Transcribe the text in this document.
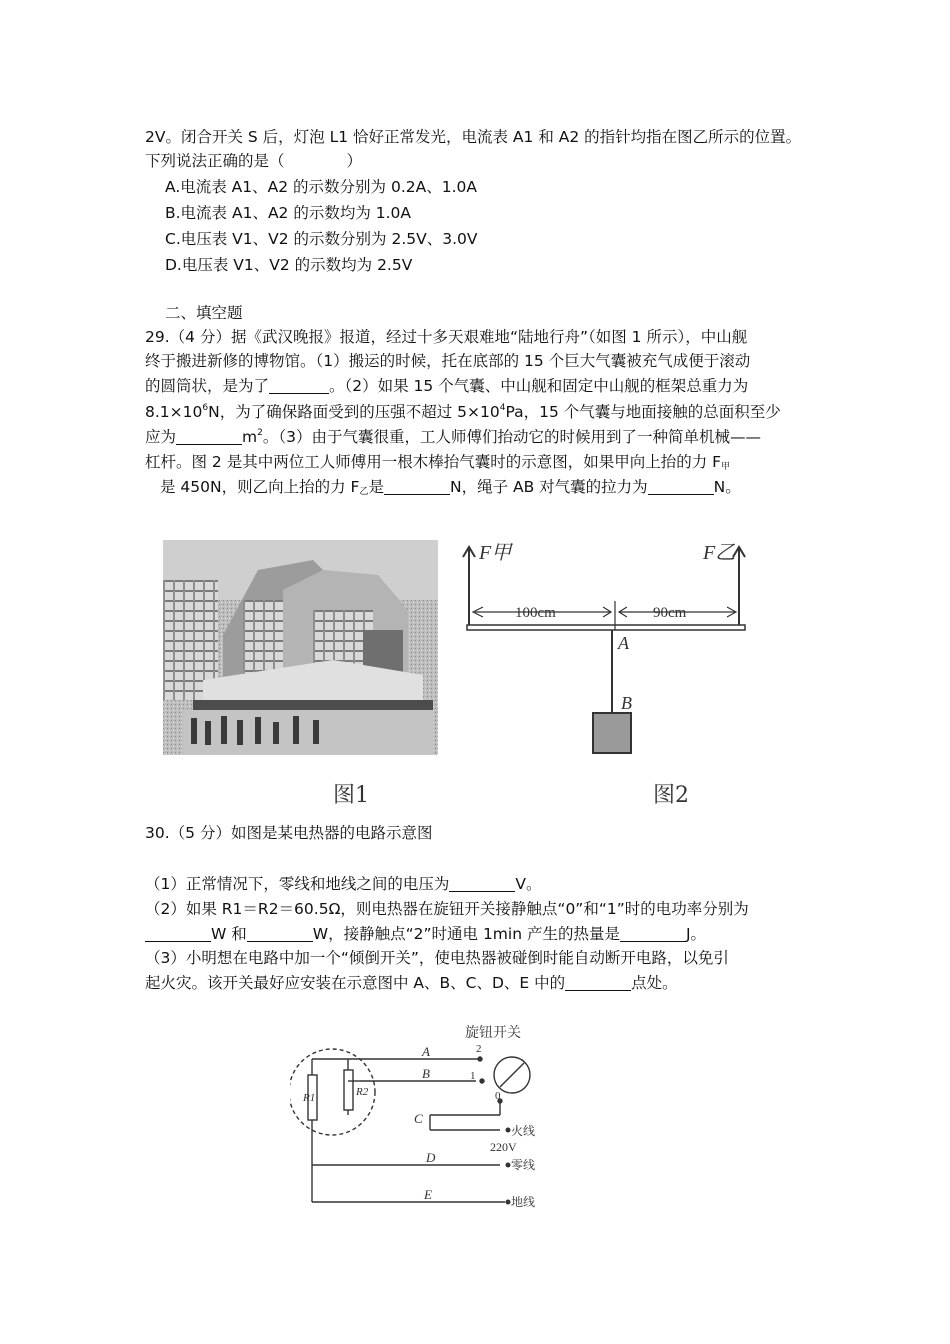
2V。闭合开关 S 后，灯泡 L1 恰好正常发光，电流表 A1 和 A2 的指针均指在图乙所示的位置。
下列说法正确的是（　　　　）
A.电流表 A1、A2 的示数分别为 0.2A、1.0A
B.电流表 A1、A2 的示数均为 1.0A
C.电压表 V1、V2 的示数分别为 2.5V、3.0V
D.电压表 V1、V2 的示数均为 2.5V
二、填空题
29.（4 分）据《武汉晚报》报道，经过十多天艰难地“陆地行舟”（如图 1 所示），中山舰
终于搬进新修的博物馆。（1）搬运的时候，托在底部的 15 个巨大气囊被充气成便于滚动
的圆筒状，是为了	。（2）如果 15 个气囊、中山舰和固定中山舰的框架总重力为
$8.1\times 10^6N$，为了确保路面受到的压强不超过 $5\times 10^4Pa$，15 个气囊与地面接触的总面积至少
应为	$m^2$。（3）由于气囊很重，工人师傅们抬动它的时候用到了一种简单机械——
杠杆。图 2 是其中两位工人师傅用一根木棒抬气囊时的示意图，如果甲向上抬的力 $F_甲$
是 450N，则乙向上抬的力 $F_乙$是	N，绳子 AB 对气囊的拉力为	N。
图1
F甲	F乙
100cm	90cm
A
B
图2
30.（5 分）如图是某电热器的电路示意图
（1）正常情况下，零线和地线之间的电压为	V。
（2）如果 R1＝R2＝60.5Ω，则电热器在旋钮开关接静触点“0”和“1”时的电功率分别为
W 和	W，接静触点“2”时通电 1min 产生的热量是	J。
（3）小明想在电路中加一个“倾倒开关”，使电热器被碰倒时能自动断开电路，以免引
起火灾。该开关最好应安装在示意图中 A、B、C、D、E 中的	点处。
旋钮开关
R1	R2
A
B
C
D
E
2
1
0
火线
220V
零线
地线
